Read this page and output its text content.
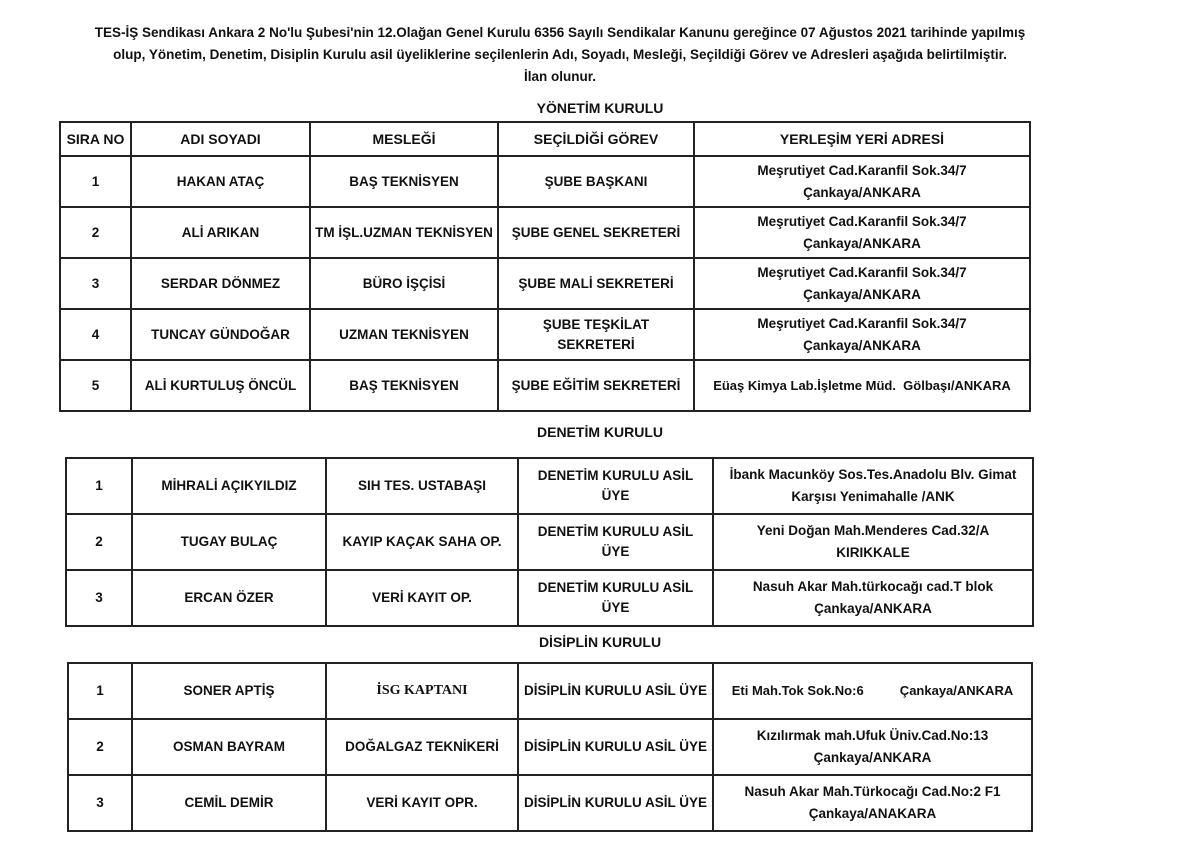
TES-İŞ Sendikası Ankara 2 No'lu Şubesi'nin 12.Olağan Genel Kurulu 6356 Sayılı Sendikalar Kanunu gereğince 07 Ağustos 2021 tarihinde yapılmış
olup, Yönetim, Denetim, Disiplin Kurulu asil üyeliklerine seçilenlerin Adı, Soyadı, Mesleği, Seçildiği Görev ve Adresleri aşağıda belirtilmiştir.
İlan olunur.
YÖNETİM KURULU
SIRA NO	ADI SOYADI	MESLEĞİ	SEÇİLDİĞİ GÖREV	YERLEŞİM YERİ ADRESİ
1	HAKAN ATAÇ	BAŞ TEKNİSYEN	ŞUBE BAŞKANI	Meşrutiyet Cad.Karanfil Sok.34/7
Çankaya/ANKARA

2	ALİ ARIKAN	TM İŞL.UZMAN TEKNİSYEN	ŞUBE GENEL SEKRETERİ	Meşrutiyet Cad.Karanfil Sok.34/7
Çankaya/ANKARA

3	SERDAR DÖNMEZ	BÜRO İŞÇİSİ	ŞUBE MALİ SEKRETERİ	Meşrutiyet Cad.Karanfil Sok.34/7
Çankaya/ANKARA

4	TUNCAY GÜNDOĞAR	UZMAN TEKNİSYEN	ŞUBE TEŞKİLAT SEKRETERİ	Meşrutiyet Cad.Karanfil Sok.34/7
Çankaya/ANKARA

5	ALİ KURTULUŞ ÖNCÜL	BAŞ TEKNİSYEN	ŞUBE EĞİTİM SEKRETERİ	Eüaş Kimya Lab.İşletme Müd.  Gölbaşı/ANKARA
DENETİM KURULU
1	MİHRALİ AÇIKYILDIZ	SIH TES. USTABAŞI	DENETİM KURULU ASİL ÜYE	İbank Macunköy Sos.Tes.Anadolu Blv. Gimat
Karşısı Yenimahalle /ANK

2	TUGAY BULAÇ	KAYIP KAÇAK SAHA OP.	DENETİM KURULU ASİL ÜYE	Yeni Doğan Mah.Menderes Cad.32/A
KIRIKKALE

3	ERCAN ÖZER	VERİ KAYIT OP.	DENETİM KURULU ASİL ÜYE	Nasuh Akar Mah.türkocağı cad.T blok
Çankaya/ANKARA
DİSİPLİN KURULU
1	SONER APTİŞ	İSG KAPTANI	DİSİPLİN KURULU ASİL ÜYE	Eti Mah.Tok Sok.No:6          Çankaya/ANKARA

2	OSMAN BAYRAM	DOĞALGAZ TEKNİKERİ	DİSİPLİN KURULU ASİL ÜYE	Kızılırmak mah.Ufuk Üniv.Cad.No:13
Çankaya/ANKARA

3	CEMİL DEMİR	VERİ KAYIT OPR.	DİSİPLİN KURULU ASİL ÜYE	Nasuh Akar Mah.Türkocağı Cad.No:2 F1
Çankaya/ANAKARA
